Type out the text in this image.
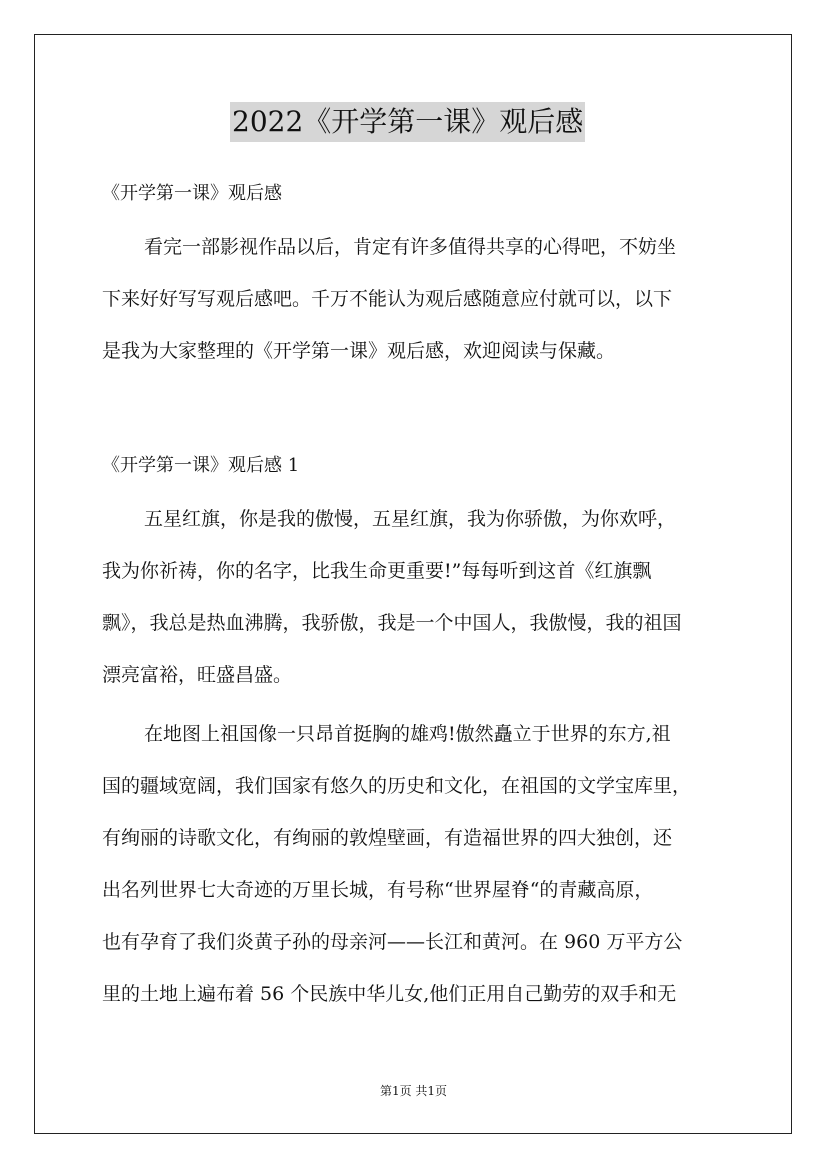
2022《开学第一课》观后感
《开学第一课》观后感
看完一部影视作品以后，肯定有许多值得共享的心得吧，不妨坐
下来好好写写观后感吧。千万不能认为观后感随意应付就可以，以下
是我为大家整理的《开学第一课》观后感，欢迎阅读与保藏。
《开学第一课》观后感 1
五星红旗，你是我的傲慢，五星红旗，我为你骄傲，为你欢呼，
我为你祈祷，你的名字，比我生命更重要!”每每听到这首《红旗飘
飘》，我总是热血沸腾，我骄傲，我是一个中国人，我傲慢，我的祖国
漂亮富裕，旺盛昌盛。
在地图上祖国像一只昂首挺胸的雄鸡!傲然矗立于世界的东方,祖
国的疆域宽阔，我们国家有悠久的历史和文化，在祖国的文学宝库里，
有绚丽的诗歌文化，有绚丽的敦煌壁画，有造福世界的四大独创，还
出名列世界七大奇迹的万里长城，有号称“世界屋脊“的青藏高原，
也有孕育了我们炎黄子孙的母亲河——长江和黄河。在 960 万平方公
里的土地上遍布着 56 个民族中华儿女,他们正用自己勤劳的双手和无
第1页 共1页
